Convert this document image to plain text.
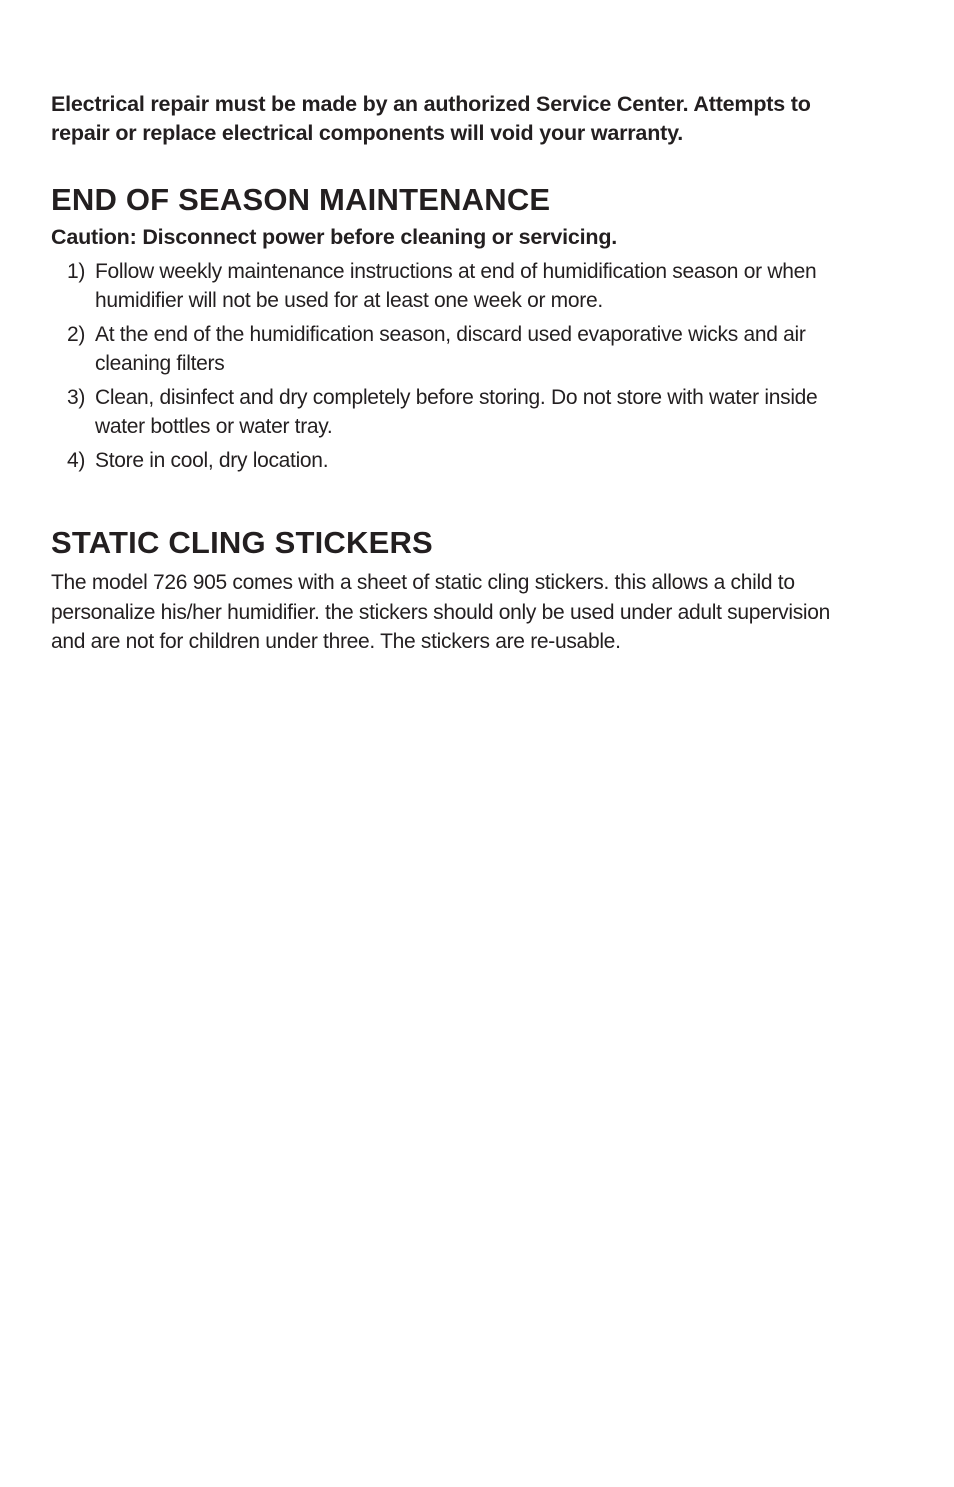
Electrical repair must be made by an authorized Service Center. Attempts to repair or replace electrical components will void your warranty.

END OF SEASON MAINTENANCE

Caution: Disconnect power before cleaning or servicing.

1) Follow weekly maintenance instructions at end of humidification season or when humidifier will not be used for at least one week or more.
2) At the end of the humidification season, discard used evaporative wicks and air cleaning filters
3) Clean, disinfect and dry completely before storing. Do not store with water inside water bottles or water tray.
4) Store in cool, dry location.
STATIC CLING STICKERS

The model 726 905 comes with a sheet of static cling stickers. this allows a child to personalize his/her humidifier. the stickers should only be used under adult supervision and are not for children under three. The stickers are re-usable.
